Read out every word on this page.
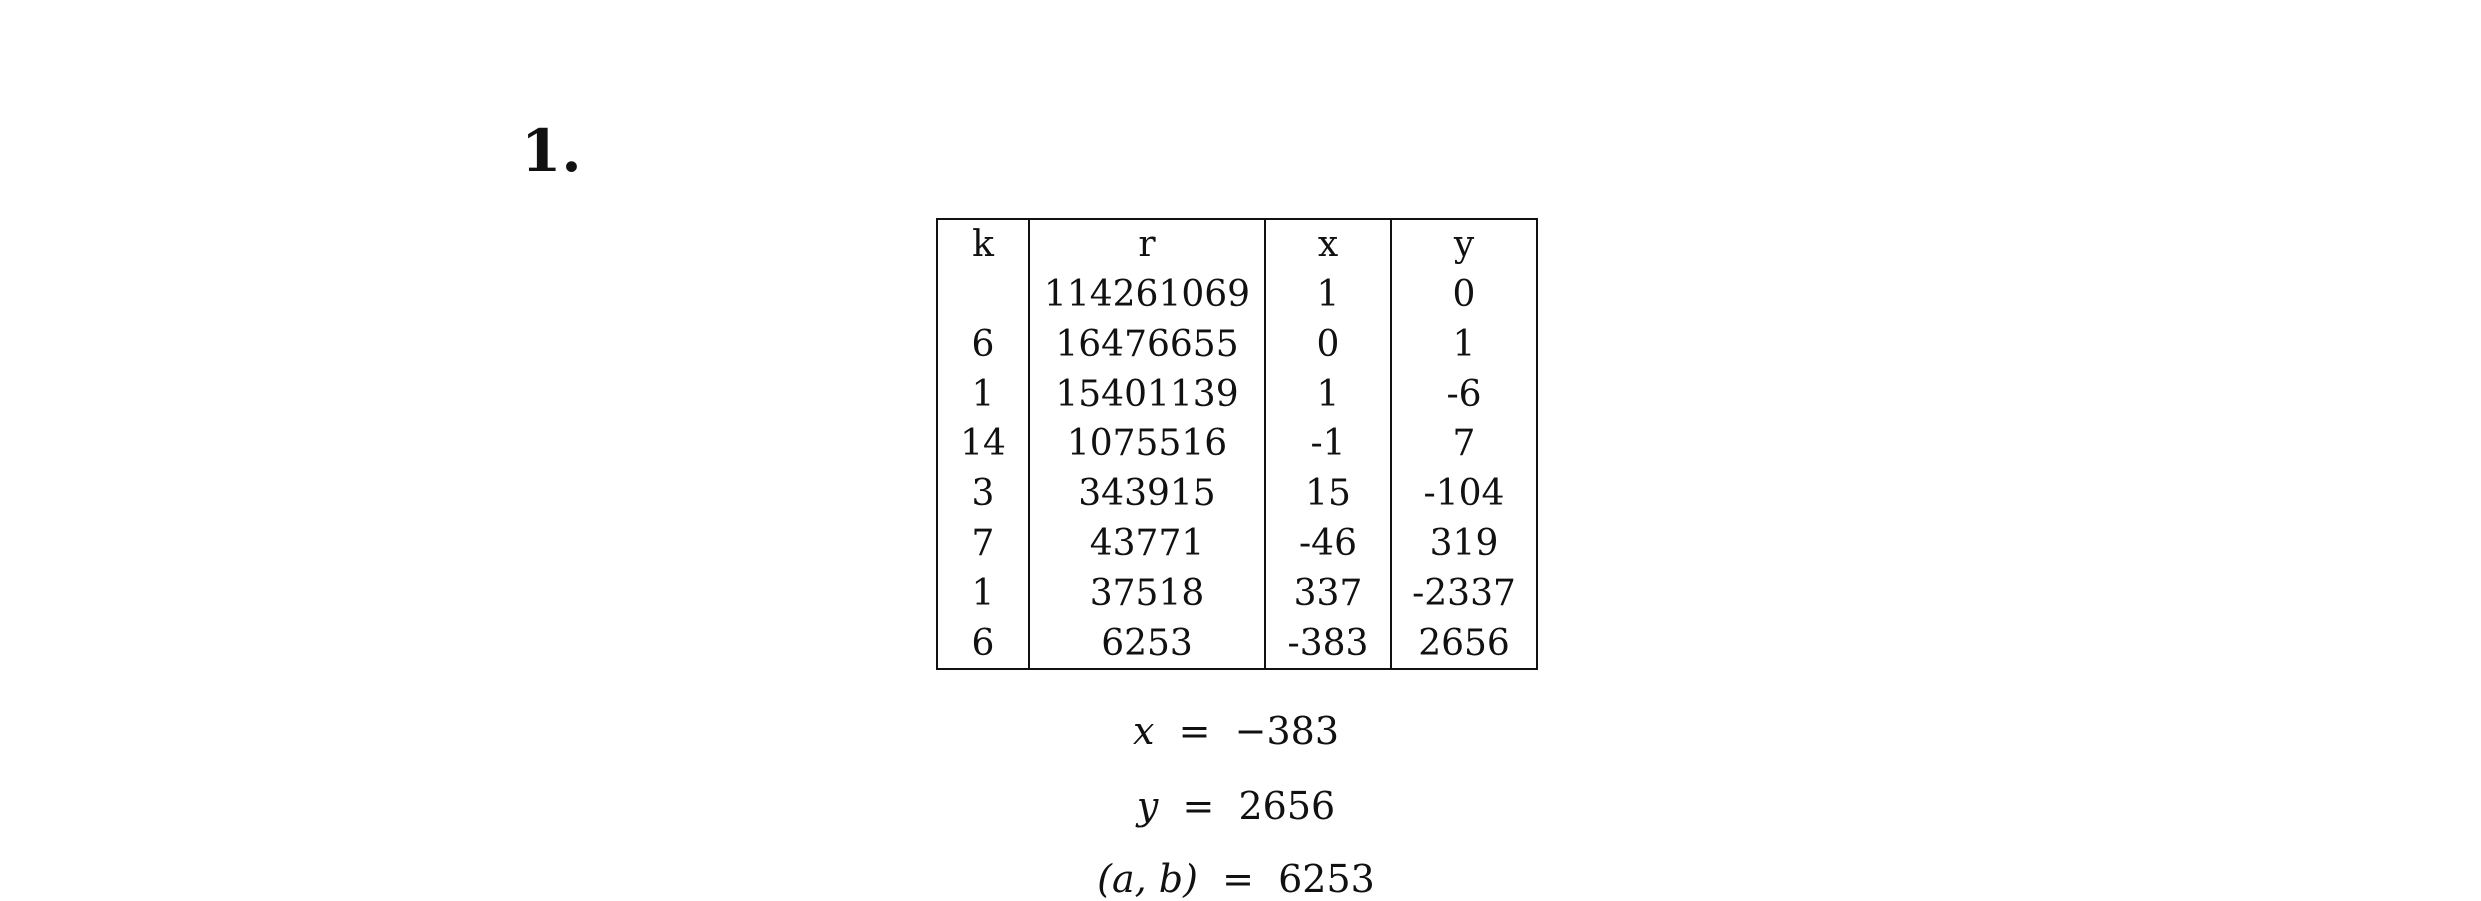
1.
k	r	x	y
	114261069	1	0
6	16476655	0	1
1	15401139	1	-6
14	1075516	-1	7
3	343915	15	-104
7	43771	-46	319
1	37518	337	-2337
6	6253	-383	2656
x  =  −383
y  =  2656
(a, b)  =  6253
